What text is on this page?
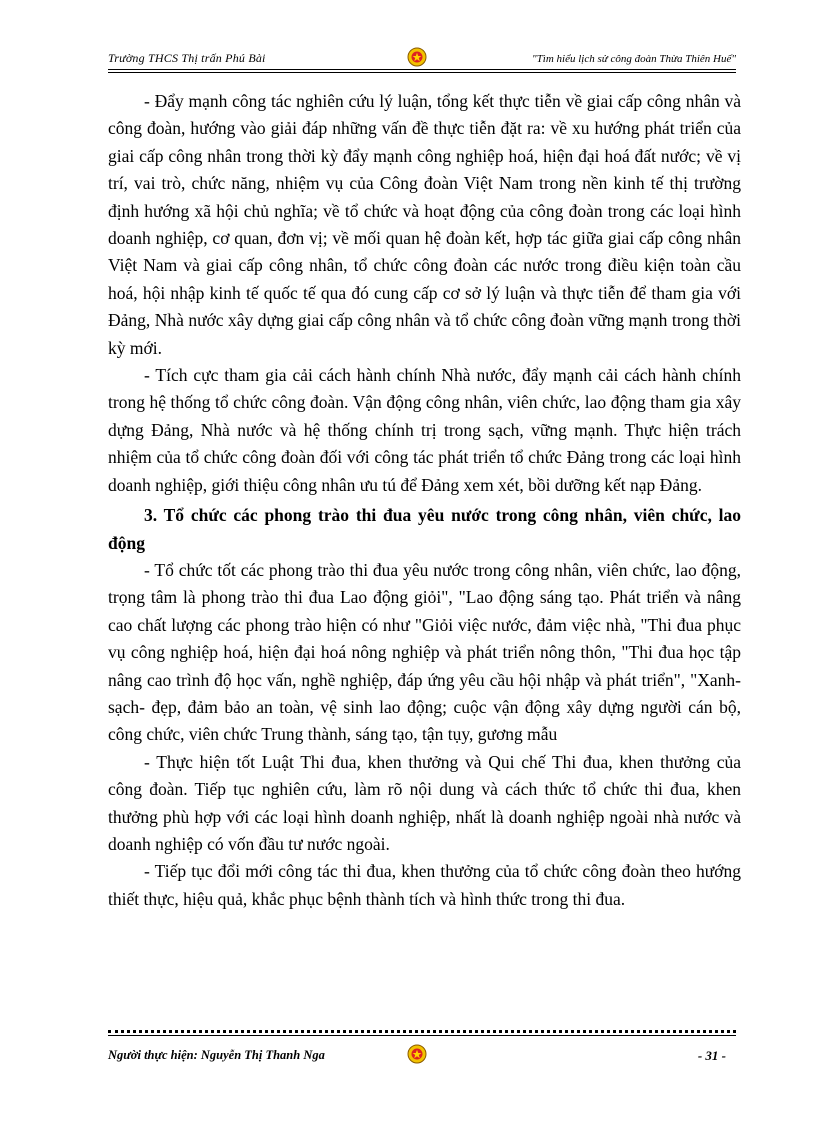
Trường THCS Thị trấn Phú Bài	"Tìm hiểu lịch sử công đoàn Thừa Thiên Huế"

- Đẩy mạnh công tác nghiên cứu lý luận, tổng kết thực tiễn về giai cấp công nhân và công đoàn, hướng vào giải đáp những vấn đề thực tiễn đặt ra: về xu hướng phát triển của giai cấp công nhân trong thời kỳ đẩy mạnh công nghiệp hoá, hiện đại hoá đất nước; về vị trí, vai trò, chức năng, nhiệm vụ của Công đoàn Việt Nam trong nền kinh tế thị trường định hướng xã hội chủ nghĩa; về tổ chức và hoạt động của công đoàn trong các loại hình doanh nghiệp, cơ quan, đơn vị; về mối quan hệ đoàn kết, hợp tác giữa giai cấp công nhân Việt Nam và giai cấp công nhân, tổ chức công đoàn các nước trong điều kiện toàn cầu hoá, hội nhập kinh tế quốc tế qua đó cung cấp cơ sở lý luận và thực tiễn để tham gia với Đảng, Nhà nước xây dựng giai cấp công nhân và tổ chức công đoàn vững mạnh trong thời kỳ mới.

- Tích cực tham gia cải cách hành chính Nhà nước, đẩy mạnh cải cách hành chính trong hệ thống tổ chức công đoàn. Vận động công nhân, viên chức, lao động tham gia xây dựng Đảng, Nhà nước và hệ thống chính trị trong sạch, vững mạnh. Thực hiện trách nhiệm của tổ chức công đoàn đối với công tác phát triển tổ chức Đảng trong các loại hình doanh nghiệp, giới thiệu công nhân ưu tú để Đảng xem xét, bồi dưỡng kết nạp Đảng.

3. Tổ chức các phong trào thi đua yêu nước trong công nhân, viên chức, lao động

- Tổ chức tốt các phong trào thi đua yêu nước trong công nhân, viên chức, lao động, trọng tâm là phong trào thi đua Lao động giỏi", "Lao động sáng tạo. Phát triển và nâng cao chất lượng các phong trào hiện có như "Giỏi việc nước, đảm việc nhà, "Thi đua phục vụ công nghiệp hoá, hiện đại hoá nông nghiệp và phát triển nông thôn, "Thi đua học tập nâng cao trình độ học vấn, nghề nghiệp, đáp ứng yêu cầu hội nhập và phát triển", "Xanh- sạch- đẹp, đảm bảo an toàn, vệ sinh lao động; cuộc vận động xây dựng người cán bộ, công chức, viên chức Trung thành, sáng tạo, tận tụy, gương mẫu

- Thực hiện tốt Luật Thi đua, khen thưởng và Qui chế Thi đua, khen thưởng của công đoàn. Tiếp tục nghiên cứu, làm rõ nội dung và cách thức tổ chức thi đua, khen thưởng phù hợp với các loại hình doanh nghiệp, nhất là doanh nghiệp ngoài nhà nước và doanh nghiệp có vốn đầu tư nước ngoài.

- Tiếp tục đổi mới công tác thi đua, khen thưởng của tổ chức công đoàn theo hướng thiết thực, hiệu quả, khắc phục bệnh thành tích và hình thức trong thi đua.

Người thực hiện: Nguyễn Thị Thanh Nga	- 31 -
